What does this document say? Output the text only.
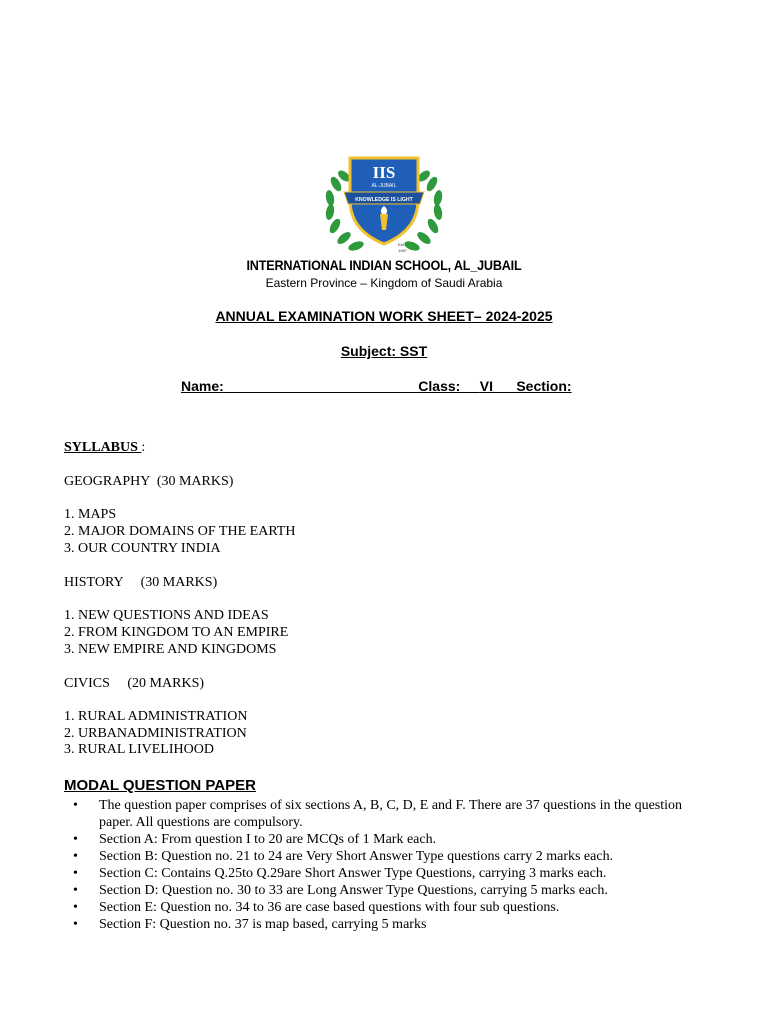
IIS
AL-JUBAIL
KNOWLEDGE IS LIGHT
Est.
1987
INTERNATIONAL INDIAN SCHOOL, AL_JUBAIL
Eastern Province – Kingdom of Saudi Arabia
ANNUAL EXAMINATION WORK SHEET– 2024-2025
Subject: SST
Name:	Class: VI Section:
SYLLABUS :
GEOGRAPHY  (30 MARKS)
1. MAPS
2. MAJOR DOMAINS OF THE EARTH
3. OUR COUNTRY INDIA
HISTORY     (30 MARKS)
1. NEW QUESTIONS AND IDEAS
2. FROM KINGDOM TO AN EMPIRE
3. NEW EMPIRE AND KINGDOMS
CIVICS     (20 MARKS)
1. RURAL ADMINISTRATION
2. URBANADMINISTRATION
3. RURAL LIVELIHOOD
MODAL QUESTION PAPER
• The question paper comprises of six sections A, B, C, D, E and F. There are 37 questions in the question paper. All questions are compulsory.
• Section A: From question I to 20 are MCQs of 1 Mark each.
• Section B: Question no. 21 to 24 are Very Short Answer Type questions carry 2 marks each.
• Section C: Contains Q.25to Q.29are Short Answer Type Questions, carrying 3 marks each.
• Section D: Question no. 30 to 33 are Long Answer Type Questions, carrying 5 marks each.
• Section E: Question no. 34 to 36 are case based questions with four sub questions.
• Section F: Question no. 37 is map based, carrying 5 marks
